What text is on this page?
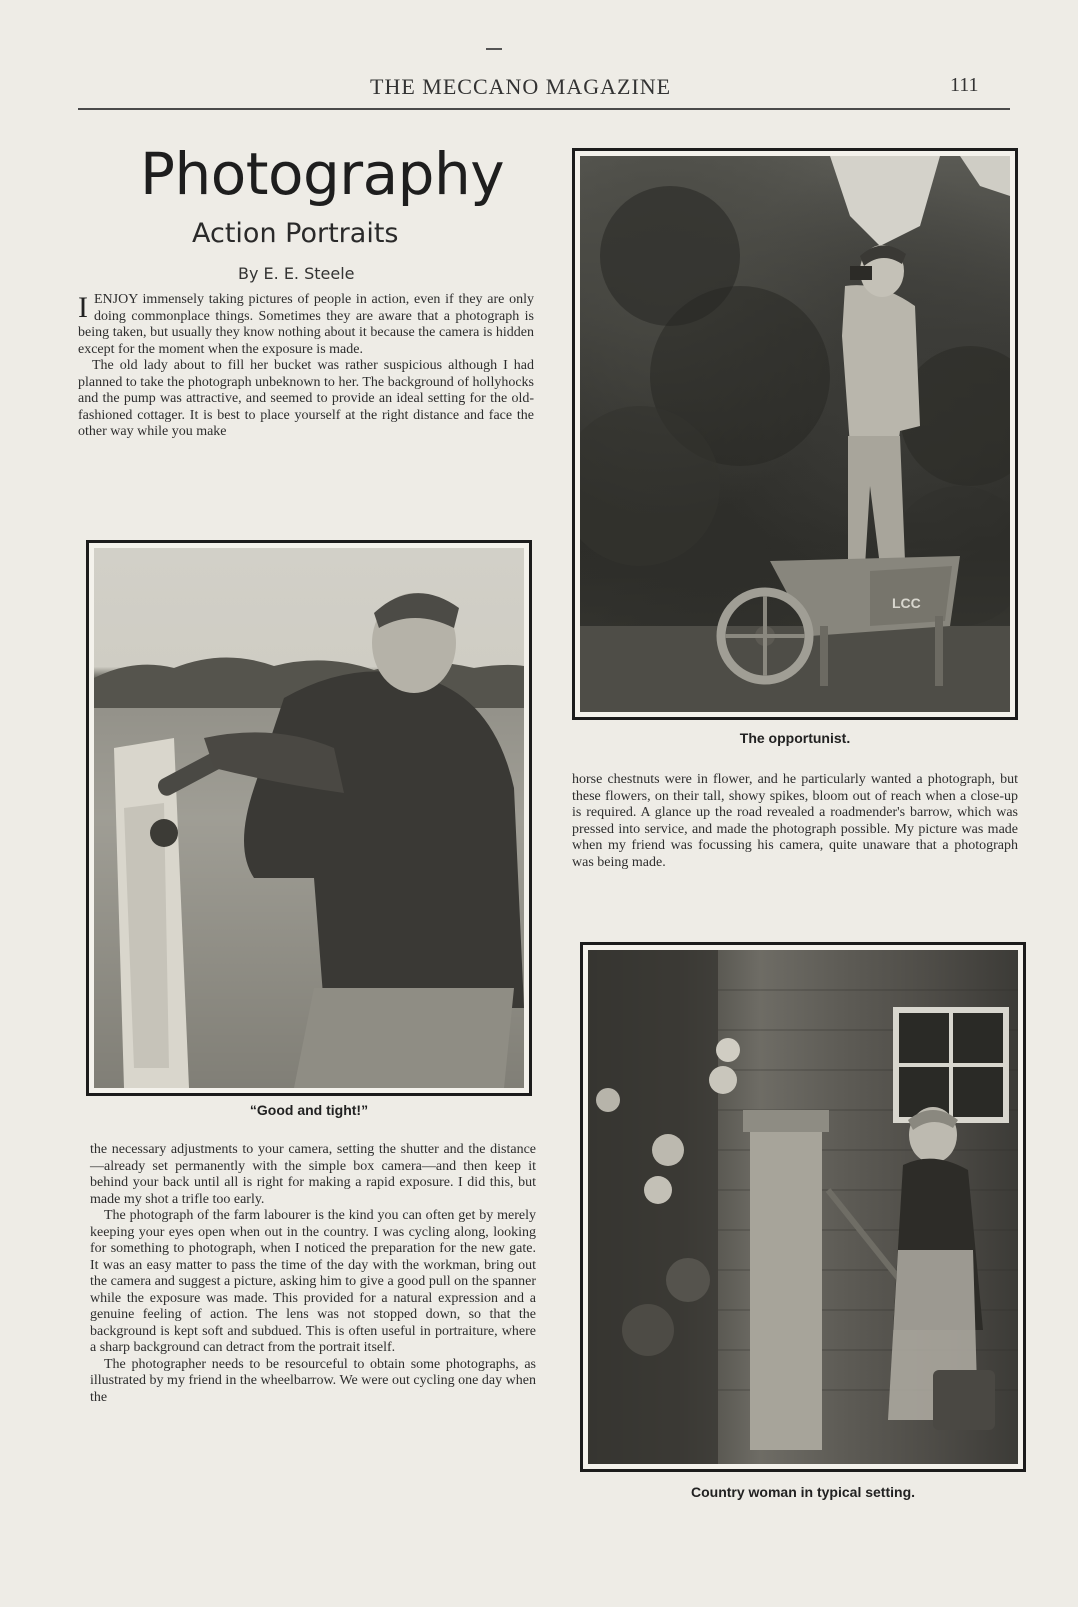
THE MECCANO MAGAZINE	111
Photography
Action Portraits
By E. E. Steele

IENJOY immensely taking pictures of people in action, even if they are only doing commonplace things. Sometimes they are aware that a photograph is being taken, but usually they know nothing about it because the camera is hidden except for the moment when the exposure is made.

The old lady about to fill her bucket was rather suspicious although I had planned to take the photograph unbeknown to her. The background of hollyhocks and the pump was attractive, and seemed to provide an ideal setting for the old-fashioned cottager. It is best to place yourself at the right distance and face the other way while you make

“Good and tight!”

the necessary adjustments to your camera, setting the shutter and the distance—already set permanently with the simple box camera—and then keep it behind your back until all is right for making a rapid exposure. I did this, but made my shot a trifle too early.

The photograph of the farm labourer is the kind you can often get by merely keeping your eyes open when out in the country. I was cycling along, looking for something to photograph, when I noticed the preparation for the new gate. It was an easy matter to pass the time of the day with the workman, bring out the camera and suggest a picture, asking him to give a good pull on the spanner while the exposure was made. This provided for a natural expression and a genuine feeling of action. The lens was not stopped down, so that the background is kept soft and subdued. This is often useful in portraiture, where a sharp background can detract from the portrait itself.

The photographer needs to be resourceful to obtain some photographs, as illustrated by my friend in the wheelbarrow. We were out cycling one day when the

LCC
The opportunist.

horse chestnuts were in flower, and he particularly wanted a photograph, but these flowers, on their tall, showy spikes, bloom out of reach when a close-up is required. A glance up the road revealed a roadmender's barrow, which was pressed into service, and made the photograph possible. My picture was made when my friend was focussing his camera, quite unaware that a photograph was being made.

Country woman in typical setting.
